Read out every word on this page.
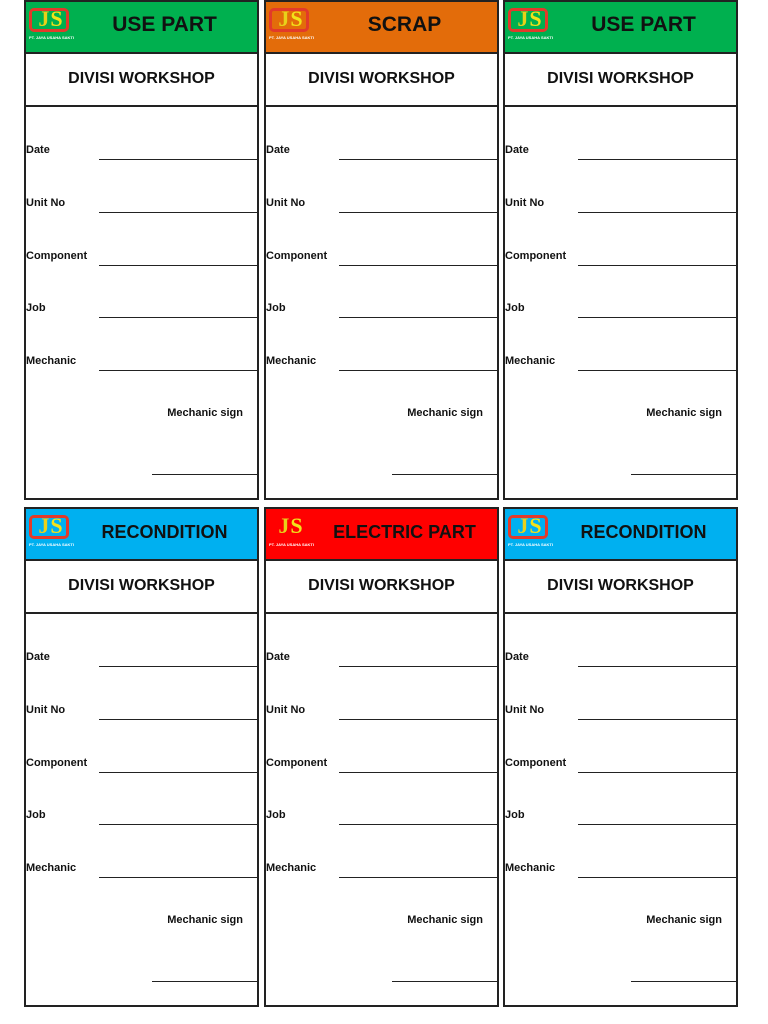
JS
PT. JAYA USAHA SAKTI
USE PART
DIVISI WORKSHOP
Date
Unit No
Component
Job
Mechanic
Mechanic sign
JS
PT. JAYA USAHA SAKTI
SCRAP
DIVISI WORKSHOP
Date
Unit No
Component
Job
Mechanic
Mechanic sign
JS
PT. JAYA USAHA SAKTI
USE PART
DIVISI WORKSHOP
Date
Unit No
Component
Job
Mechanic
Mechanic sign
JS
PT. JAYA USAHA SAKTI
RECONDITION
DIVISI WORKSHOP
Date
Unit No
Component
Job
Mechanic
Mechanic sign
JS
PT. JAYA USAHA SAKTI
ELECTRIC PART
DIVISI WORKSHOP
Date
Unit No
Component
Job
Mechanic
Mechanic sign
JS
PT. JAYA USAHA SAKTI
RECONDITION
DIVISI WORKSHOP
Date
Unit No
Component
Job
Mechanic
Mechanic sign
